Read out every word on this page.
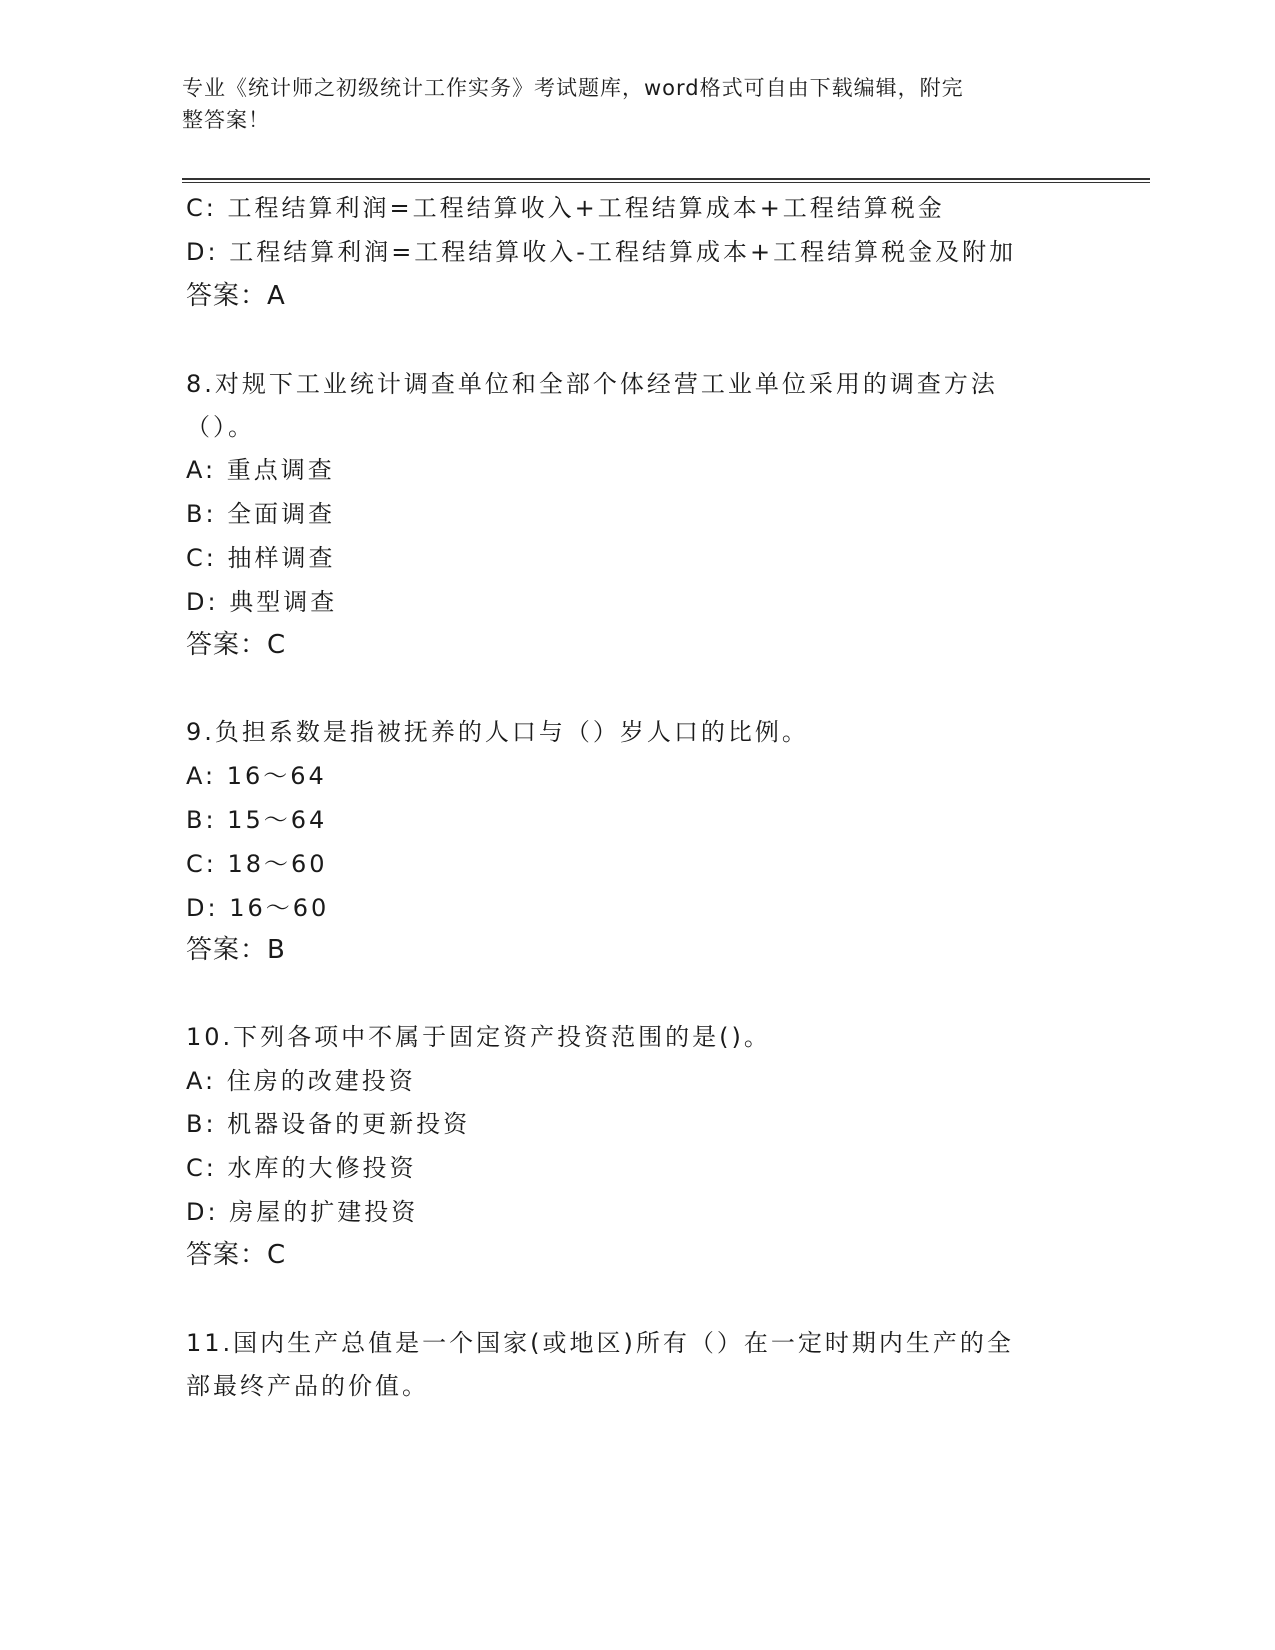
专业《统计师之初级统计工作实务》考试题库，word格式可自由下载编辑，附完
整答案！
C: 工程结算利润=工程结算收入+工程结算成本+工程结算税金
D: 工程结算利润=工程结算收入-工程结算成本+工程结算税金及附加
答案：A
8.对规下工业统计调查单位和全部个体经营工业单位采用的调查方法
（）。
A: 重点调查
B: 全面调查
C: 抽样调查
D: 典型调查
答案：C
9.负担系数是指被抚养的人口与（）岁人口的比例。
A: 16～64
B: 15～64
C: 18～60
D: 16～60
答案：B
10.下列各项中不属于固定资产投资范围的是()。
A: 住房的改建投资
B: 机器设备的更新投资
C: 水库的大修投资
D: 房屋的扩建投资
答案：C
11.国内生产总值是一个国家(或地区)所有（）在一定时期内生产的全
部最终产品的价值。
